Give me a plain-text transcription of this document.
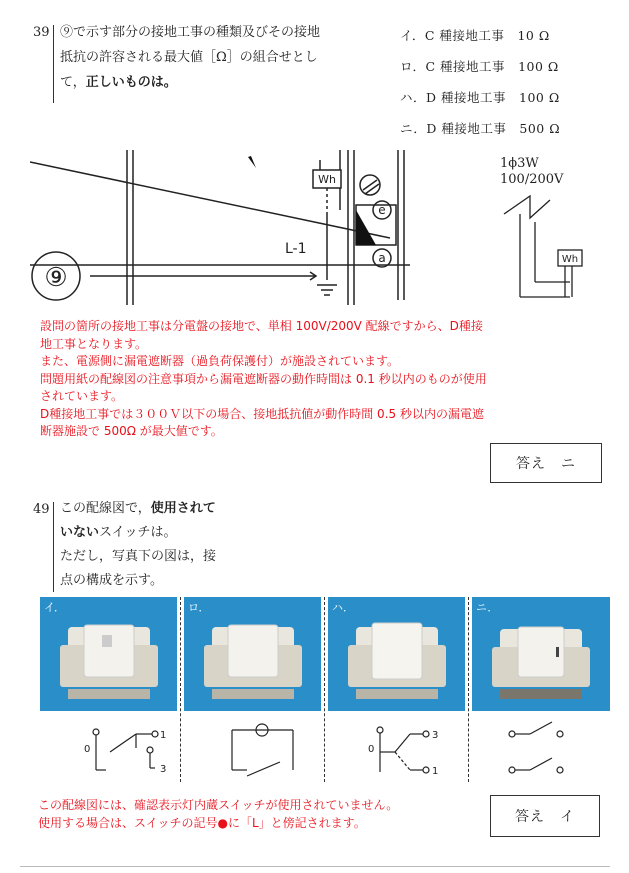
39 ⑨で示す部分の接地工事の種類及びその接地
抵抗の許容される最大値［Ω］の組合せとし
て，正しいものは。
イ．C 種接地工事　 10 Ω
ロ．C 種接地工事　 100 Ω
ハ．D 種接地工事　 100 Ω
ニ．D 種接地工事　 500 Ω
⑨
Wh
L-1
e
a
1ϕ3W
100/200V
Wh
設問の箇所の接地工事は分電盤の接地で、単相 100V/200V 配線ですから、D種接
地工事となります。
また、電源側に漏電遮断器（過負荷保護付）が施設されています。
問題用紙の配線図の注意事項から漏電遮断器の動作時間は 0.1 秒以内のものが使用
されています。
D種接地工事では３００Ｖ以下の場合、接地抵抗値が動作時間 0.5 秒以内の漏電遮
断器施設で 500Ω が最大値です。
答え　ニ
49 この配線図で，使用されて
いないスイッチは。
ただし，写真下の図は，接
点の構成を示す。
イ．	ロ．	ハ．	ニ．
0
1
3
0
3
1
この配線図には、確認表示灯内蔵スイッチが使用されていません。
使用する場合は、スイッチの記号●に「L」と傍記されます。	答え　イ
